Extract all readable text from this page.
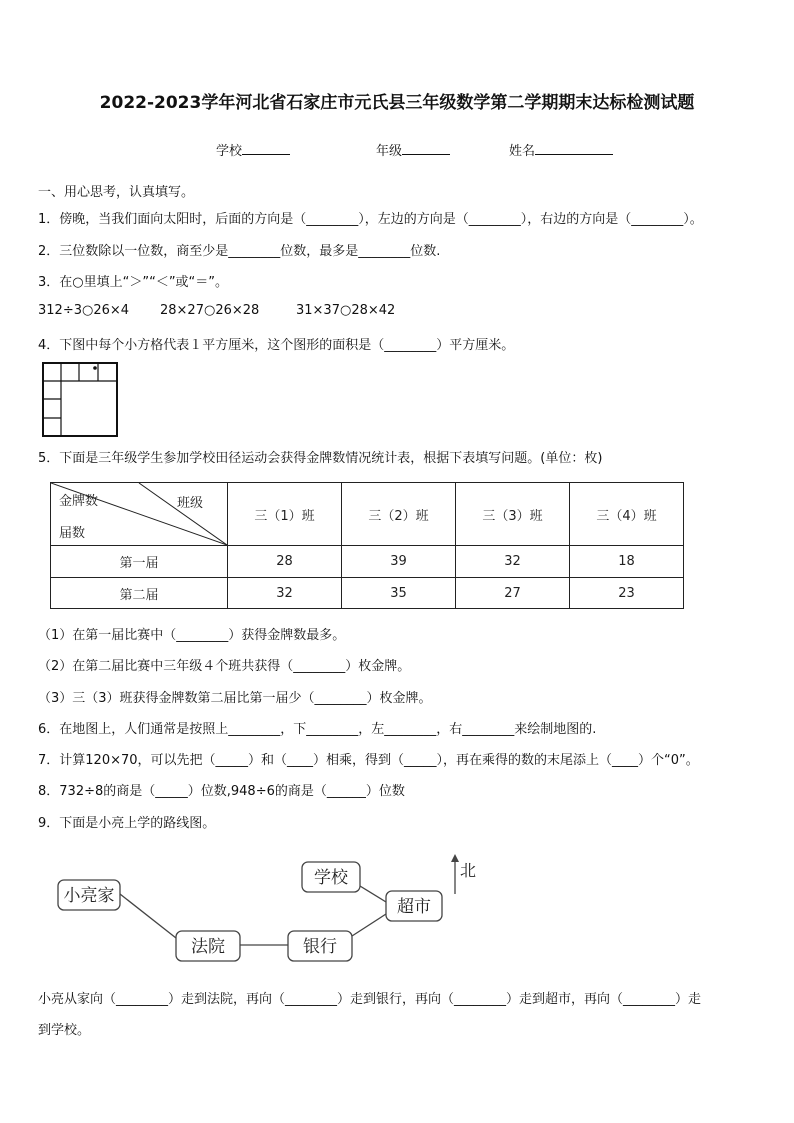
2022-2023学年河北省石家庄市元氏县三年级数学第二学期期末达标检测试题
学校	年级	姓名
一、用心思考，认真填写。
1．傍晚，当我们面向太阳时，后面的方向是（________），左边的方向是（________），右边的方向是（________）。
2．三位数除以一位数，商至少是________位数，最多是________位数.
3．在○里填上“＞”“＜”或“＝”。
312÷3○26×4 28×27○26×28	31×37○28×42
4．下图中每个小方格代表１平方厘米，这个图形的面积是（________）平方厘米。
5．下面是三年级学生参加学校田径运动会获得金牌数情况统计表，根据下表填写问题。(单位：枚)
金牌数 班级
届数	三（1）班	三（2）班	三（3）班	三（4）班
第一届	28	39	32	18
第二届	32	35	27	23
（1）在第一届比赛中（________）获得金牌数最多。
（2）在第二届比赛中三年级４个班共获得（________）枚金牌。
（3）三（3）班获得金牌数第二届比第一届少（________）枚金牌。
6．在地图上，人们通常是按照上________，下________，左________，右________来绘制地图的.
7．计算120×70，可以先把（_____）和（____）相乘，得到（_____），再在乘得的数的末尾添上（____）个“0”。
8．732÷8的商是（_____）位数,948÷6的商是（______）位数
9．下面是小亮上学的路线图。
小亮家
法院	银行
学校
超市
北
小亮从家向（________）走到法院，再向（________）走到银行，再向（________）走到超市，再向（________）走
到学校。
